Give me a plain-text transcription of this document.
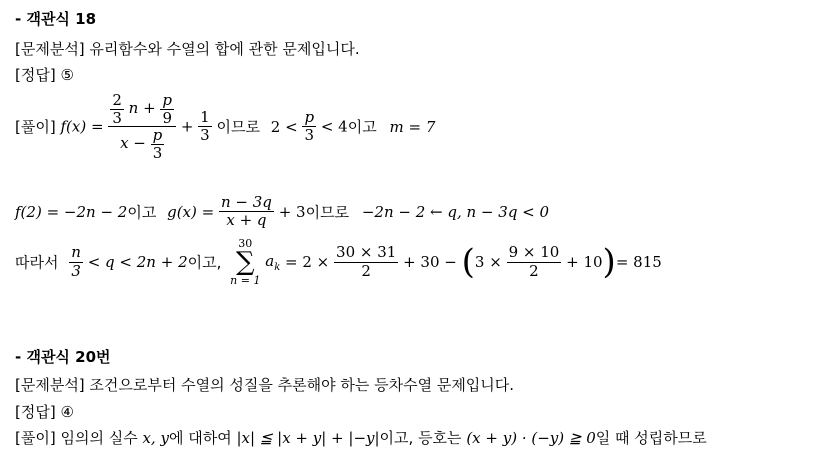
- 객관식 18
[문제분석] 유리함수와 수열의 합에 관한 문제입니다.
[정답] ⑤
[풀이] $f(x) = \frac{\frac{2}{3} n + \frac{p}{9}}{x - \frac{p}{3}} + \frac{1}{3}$ 이므로 $2 < \frac{p}{3} < 4$이고 m = 7
f(2) = −2n − 2이고 $g(x) = \frac{n - 3q}{x + q} + 3$이므로 −2n − 2 ← q, n − 3q < 0
따라서 $\frac{n}{3} < q < 2n + 2$이고,
30
∑
n = 1
$a_k = 2 \times \frac{30 \times 31}{2} + 30 - (3 \times \frac{9 \times 10}{2} + 10)= 815$
- 객관식 20번
[문제분석] 조건으로부터 수열의 성질을 추론해야 하는 등차수열 문제입니다.
[정답] ④
[풀이] 임의의 실수 x, y에 대하여 |x| ≦ |x + y| + |−y|이고, 등호는 (x + y) · (−y) ≧ 0일 때 성립하므로
